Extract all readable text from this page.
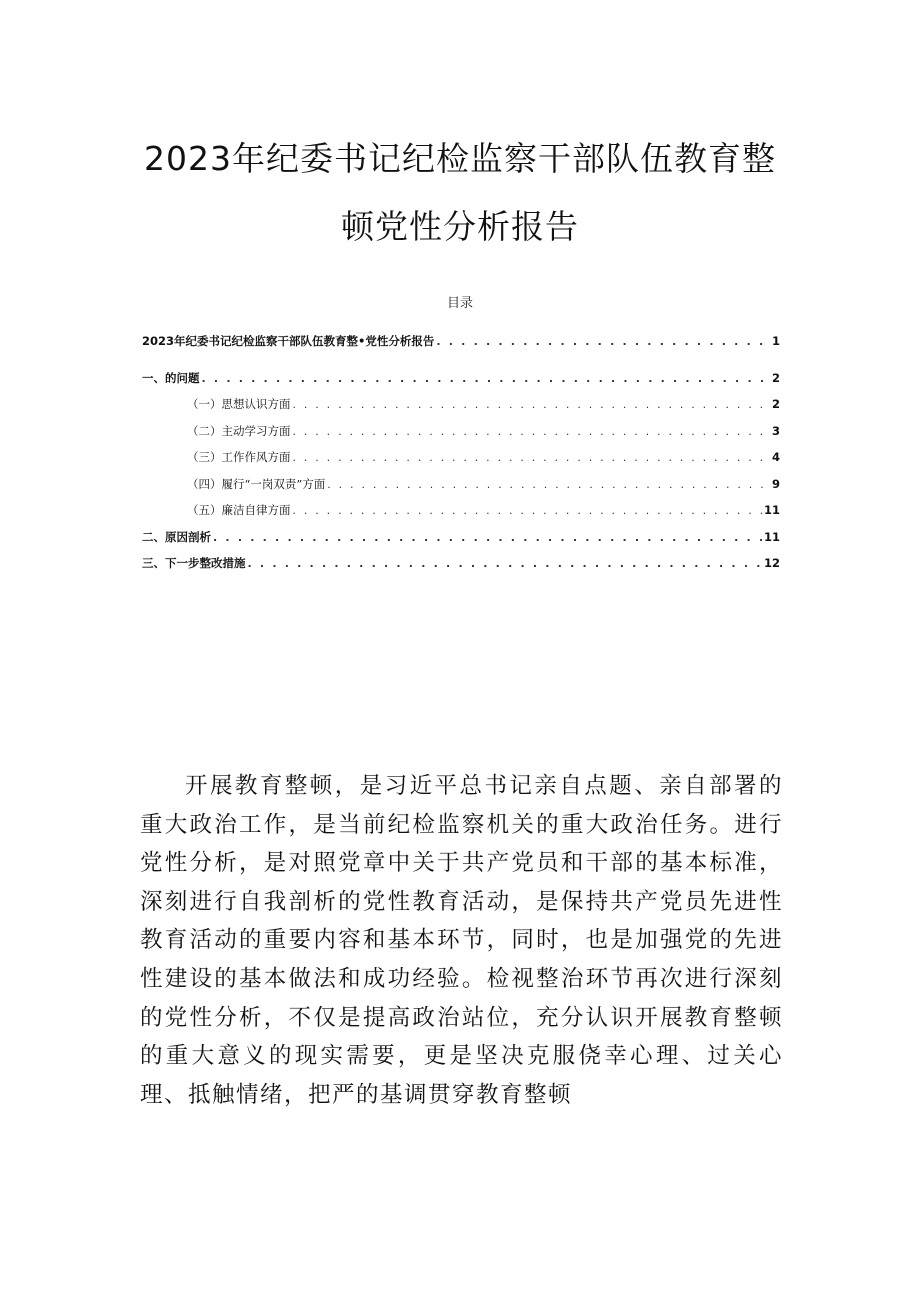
2023年纪委书记纪检监察干部队伍教育整
顿党性分析报告
目录
2023年纪委书记纪检监察干部队伍教育整•党性分析报告 . . .	1
一、的问题 . . .	2
（一）思想认识方面 . . .	2
（二）主动学习方面 . . .	3
（三）工作作风方面 . . .	4
（四）履行“一岗双责”方面 . . .	9
（五）廉洁自律方面 . . .	11
二、原因剖析 . . .	11
三、下一步整改措施 . . .	12

开展教育整顿，是习近平总书记亲自点题、亲自部署的重大政治工作，是当前纪检监察机关的重大政治任务。进行党性分析，是对照党章中关于共产党员和干部的基本标准，深刻进行自我剖析的党性教育活动，是保持共产党员先进性教育活动的重要内容和基本环节，同时，也是加强党的先进性建设的基本做法和成功经验。检视整治环节再次进行深刻的党性分析，不仅是提高政治站位，充分认识开展教育整顿的重大意义的现实需要，更是坚决克服侥幸心理、过关心理、抵触情绪，把严的基调贯穿教育整顿
